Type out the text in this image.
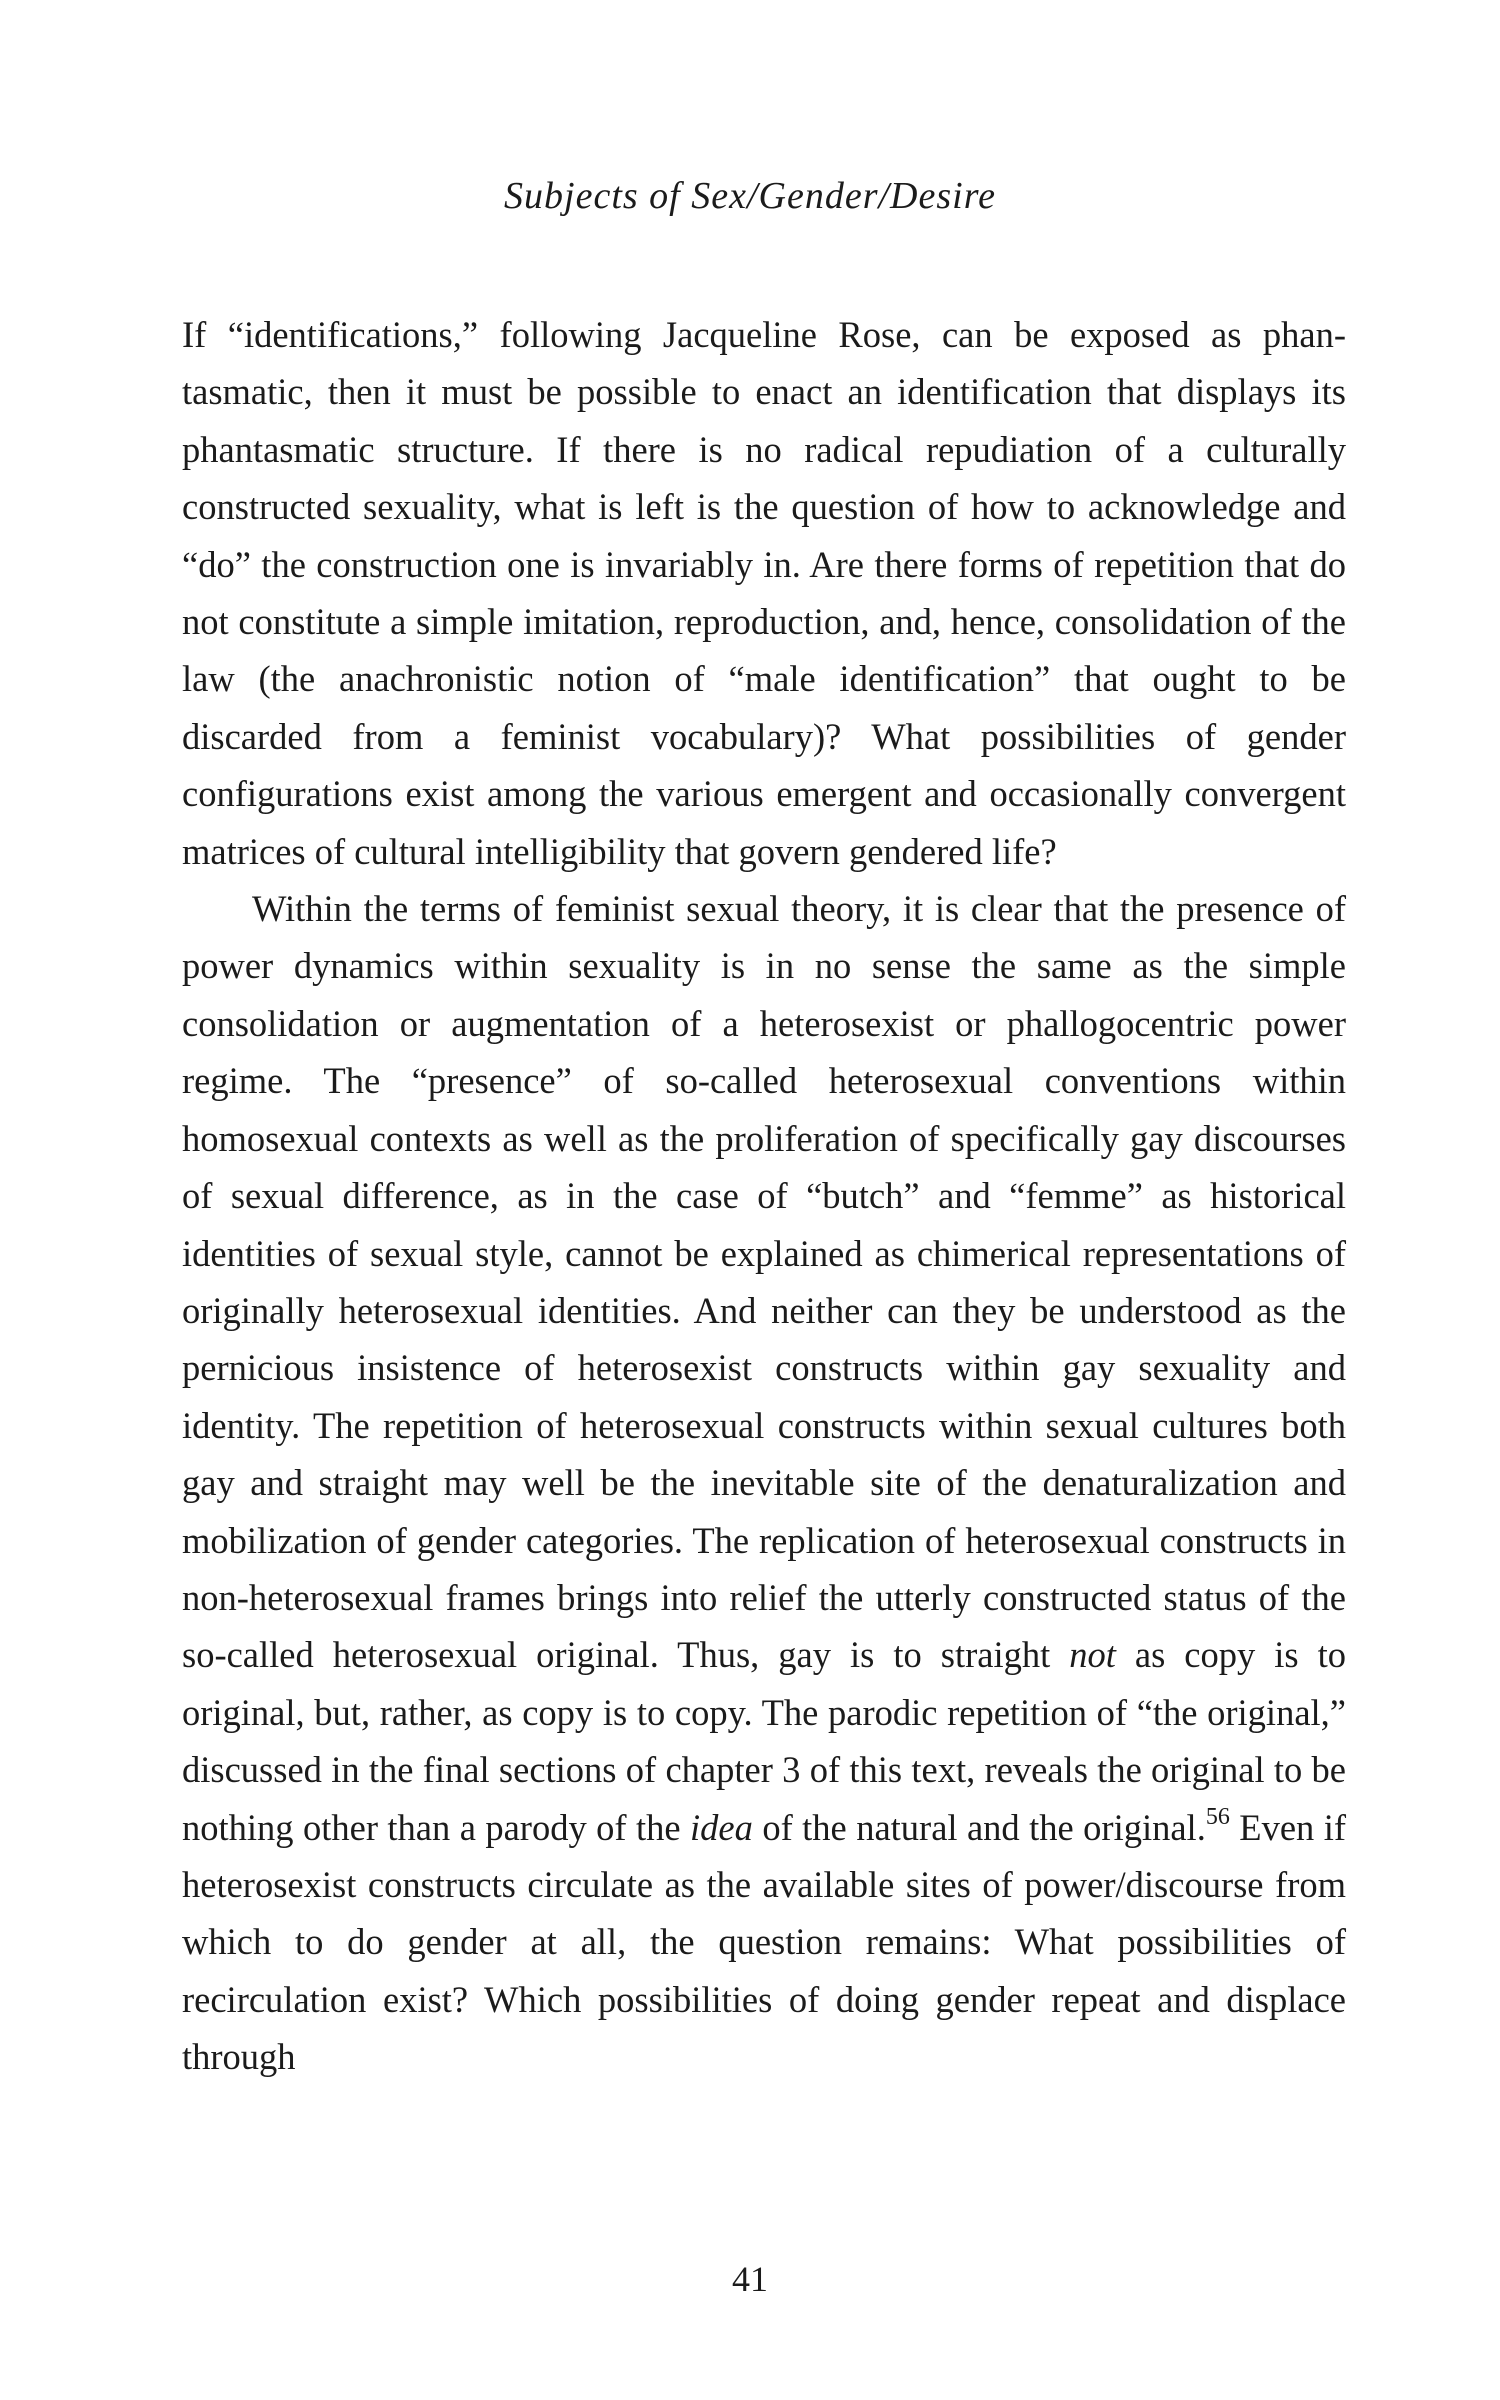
Subjects of Sex/Gender/Desire

If “identifications,” following Jacqueline Rose, can be exposed as phantasmatic, then it must be possible to enact an identification that displays its phantasmatic structure. If there is no radical repudiation of a culturally constructed sexuality, what is left is the question of how to acknowledge and “do” the construction one is invariably in. Are there forms of repetition that do not constitute a simple imitation, reproduction, and, hence, consolidation of the law (the anachronistic notion of “male identification” that ought to be discarded from a feminist vocabulary)? What possibilities of gender configurations exist among the various emergent and occasionally convergent matrices of cultural intelligibility that govern gendered life?

Within the terms of feminist sexual theory, it is clear that the presence of power dynamics within sexuality is in no sense the same as the simple consolidation or augmentation of a heterosexist or phallogocentric power regime. The “presence” of so-called heterosexual conventions within homosexual contexts as well as the proliferation of specifically gay discourses of sexual difference, as in the case of “butch” and “femme” as historical identities of sexual style, cannot be explained as chimerical representations of originally heterosexual identities. And neither can they be understood as the pernicious insistence of heterosexist constructs within gay sexuality and identity. The repetition of heterosexual constructs within sexual cultures both gay and straight may well be the inevitable site of the denaturalization and mobilization of gender categories. The replication of heterosexual constructs in non-heterosexual frames brings into relief the utterly constructed status of the so-called heterosexual original. Thus, gay is to straight not as copy is to original, but, rather, as copy is to copy. The parodic repetition of “the original,” discussed in the final sections of chapter 3 of this text, reveals the original to be nothing other than a parody of the idea of the natural and the original.$^{56}$ Even if heterosexist constructs circulate as the available sites of power/discourse from which to do gender at all, the question remains: What possibilities of recirculation exist? Which possibilities of doing gender repeat and displace through

41
